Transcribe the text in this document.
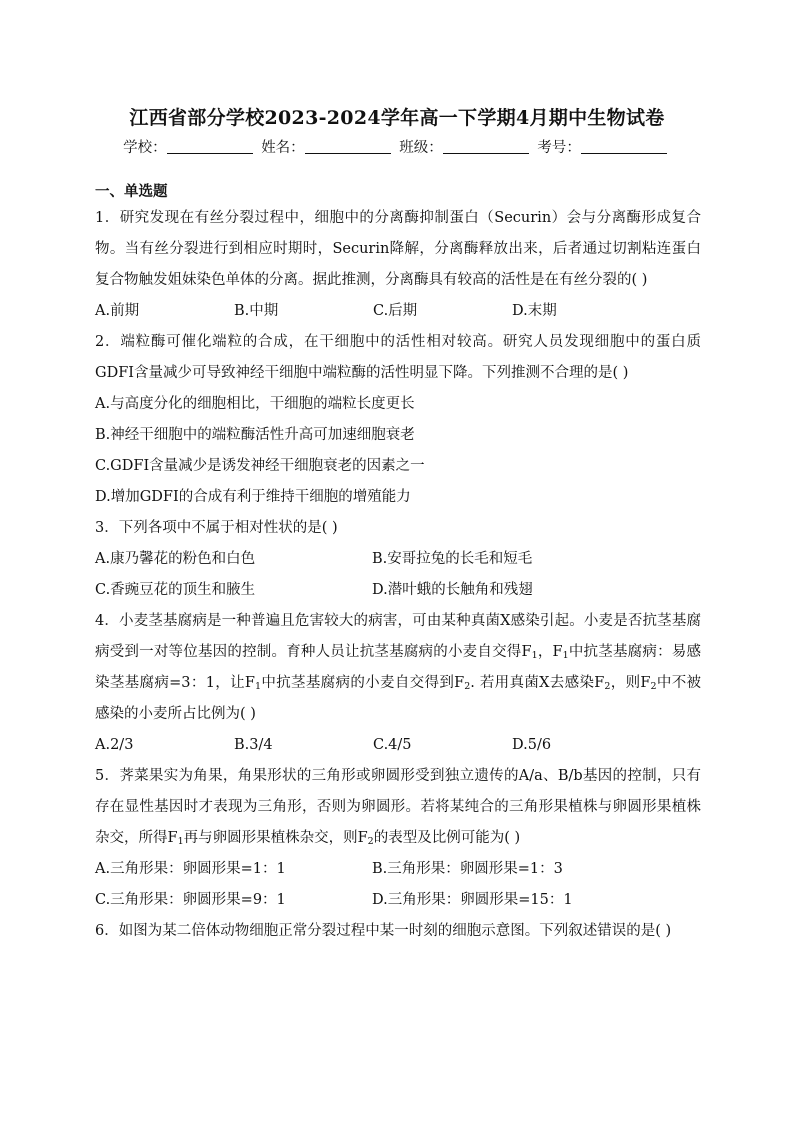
江西省部分学校2023-2024学年高一下学期4月期中生物试卷
学校：	姓名：	班级：	考号：
一、单选题
1．研究发现在有丝分裂过程中，细胞中的分离酶抑制蛋白（Securin）会与分离酶形成复合物。当有丝分裂进行到相应时期时，Securin降解，分离酶释放出来，后者通过切割粘连蛋白复合物触发姐妹染色单体的分离。据此推测，分离酶具有较高的活性是在有丝分裂的( )
A.前期	B.中期	C.后期	D.末期
2．端粒酶可催化端粒的合成，在干细胞中的活性相对较高。研究人员发现细胞中的蛋白质GDFI含量减少可导致神经干细胞中端粒酶的活性明显下降。下列推测不合理的是( )
A.与高度分化的细胞相比，干细胞的端粒长度更长
B.神经干细胞中的端粒酶活性升高可加速细胞衰老
C.GDFI含量减少是诱发神经干细胞衰老的因素之一
D.增加GDFI的合成有利于维持干细胞的增殖能力
3．下列各项中不属于相对性状的是( )
A.康乃馨花的粉色和白色	B.安哥拉兔的长毛和短毛
C.香豌豆花的顶生和腋生	D.潜叶蛾的长触角和残翅
4．小麦茎基腐病是一种普遍且危害较大的病害，可由某种真菌X感染引起。小麦是否抗茎基腐病受到一对等位基因的控制。育种人员让抗茎基腐病的小麦自交得$F_1$，$F_1$中抗茎基腐病：易感染茎基腐病=3：1，让$F_1$中抗茎基腐病的小麦自交得到$F_2$. 若用真菌X去感染$F_2$，则$F_2$中不被感染的小麦所占比例为( )
A.2/3	B.3/4	C.4/5	D.5/6
5．荠菜果实为角果，角果形状的三角形或卵圆形受到独立遗传的A/a、B/b基因的控制，只有存在显性基因时才表现为三角形，否则为卵圆形。若将某纯合的三角形果植株与卵圆形果植株杂交，所得$F_1$再与卵圆形果植株杂交，则$F_2$的表型及比例可能为( )
A.三角形果：卵圆形果=1：1	B.三角形果：卵圆形果=1：3
C.三角形果：卵圆形果=9：1	D.三角形果：卵圆形果=15：1
6．如图为某二倍体动物细胞正常分裂过程中某一时刻的细胞示意图。下列叙述错误的是( )
